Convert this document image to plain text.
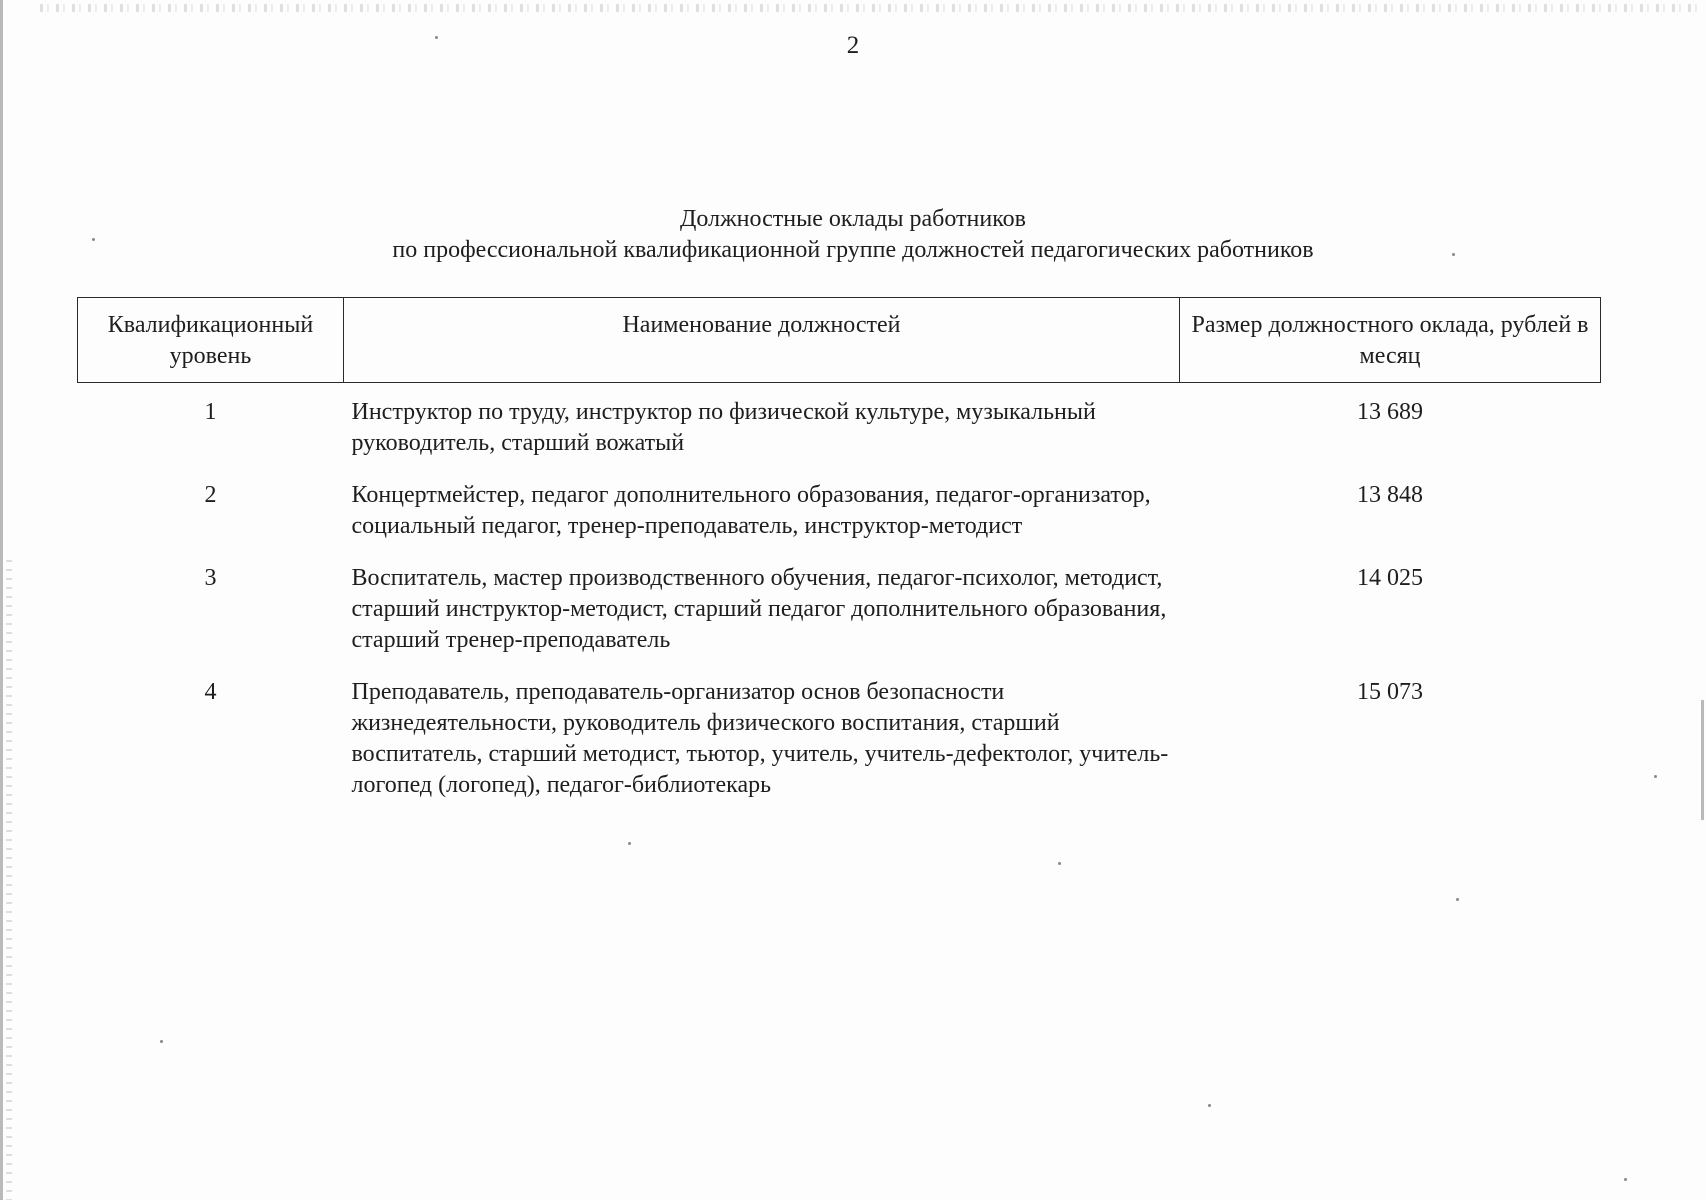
2
Должностные оклады работников
по профессиональной квалификационной группе должностей педагогических работников
Квалификационный уровень	Наименование должностей	Размер должностного оклада, рублей в месяц
1	Инструктор по труду, инструктор по физической культуре, музыкальный руководитель, старший вожатый	13 689
2	Концертмейстер, педагог дополнительного образования, педагог-организатор, социальный педагог, тренер-преподаватель, инструктор-методист	13 848
3	Воспитатель, мастер производственного обучения, педагог-психолог, методист, старший инструктор-методист, старший педагог дополнительного образования, старший тренер-преподаватель	14 025
4	Преподаватель, преподаватель-организатор основ безопасности жизнедеятельности, руководитель физического воспитания, старший воспитатель, старший методист, тьютор, учитель, учитель-дефектолог, учитель-логопед (логопед), педагог-библиотекарь	15 073
